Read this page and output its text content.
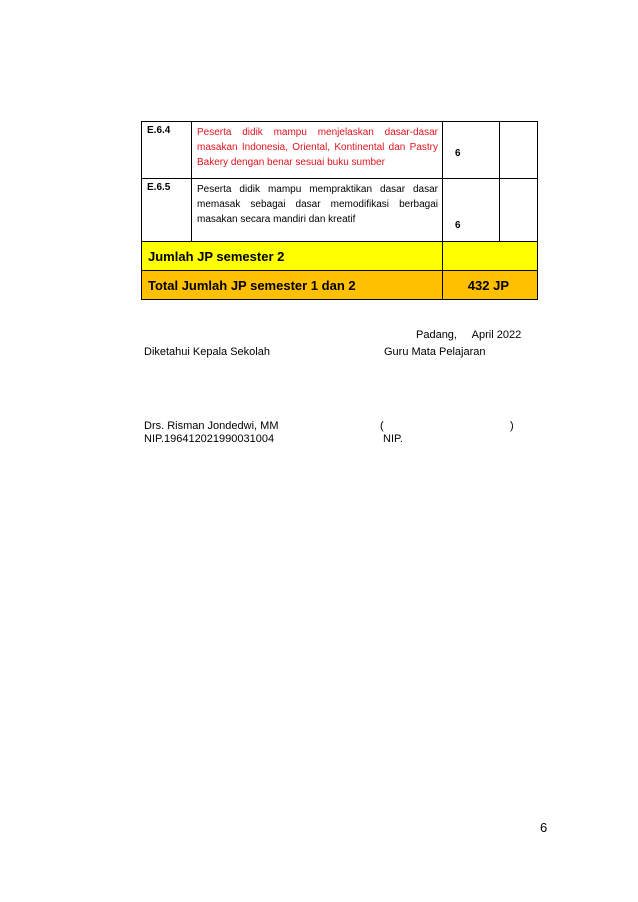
E.6.4	Peserta didik mampu menjelaskan dasar-dasar masakan Indonesia, Oriental, Kontinental dan Pastry Bakery dengan benar sesuai buku sumber	6	
E.6.5	Peserta didik mampu mempraktikan dasar dasar memasak sebagai dasar memodifikasi berbagai masakan secara mandiri dan kreatif	6	
Jumlah JP semester 2			
Total Jumlah JP semester 1 dan 2		432 JP	
Padang,     April 2022
Diketahui Kepala Sekolah	Guru Mata Pelajaran
Drs. Risman Jondedwi, MM	(	)
NIP.196412021990031004	NIP.
6
